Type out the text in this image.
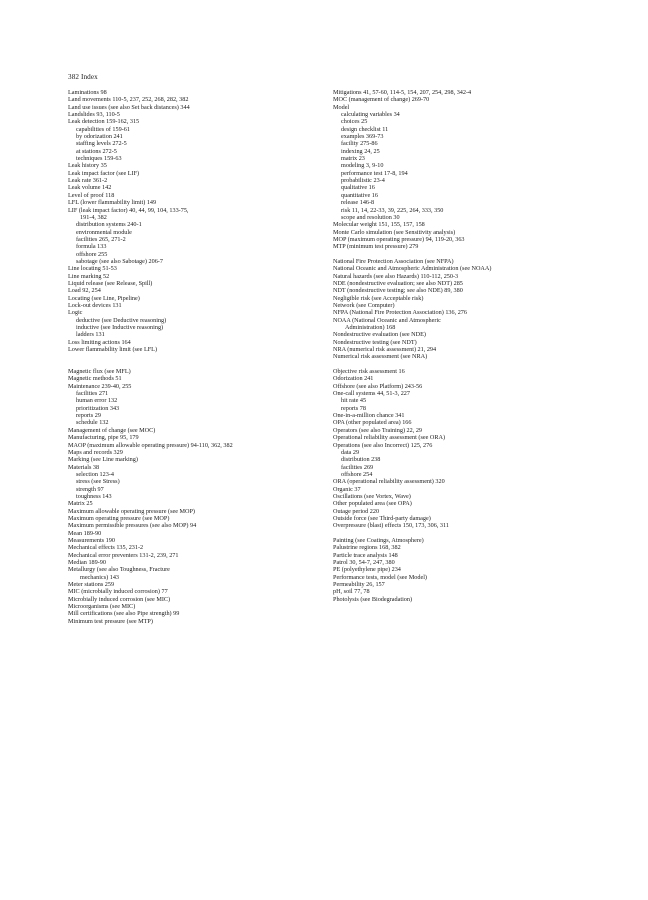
382 Index
Laminations 98
Land movements 110-5, 237, 252, 268, 282, 382
Land use issues (see also Set back distances) 344
Landslides 93, 110-5
Leak detection 159-162, 315
capabilities of 159-61
by odorization 241
staffing levels 272-5
at stations 272-5
techniques 159-63
Leak history 35
Leak impact factor (see LIF)
Leak rate 361-2
Leak volume 142
Level of proof 118
LFL (lower flammability limit) 149
LIF (leak impact factor) 40, 44, 99, 104, 133-75,
191-4, 382
distribution systems 240-1
environmental module
facilities 265, 271-2
formula 133
offshore 255
sabotage (see also Sabotage) 206-7
Line locating 51-53
Line marking 52
Liquid release (see Release, Spill)
Load 92, 254
Locating (see Line, Pipeline)
Lock-out devices 131
Logic
deductive (see Deductive reasoning)
inductive (see Inductive reasoning)
ladders 131
Loss limiting actions 164
Lower flammability limit (see LFL)
Magnetic flux (see MFL)
Magnetic methods 51
Maintenance 239-40, 255
facilities 271
human error 132
prioritization 343
reports 29
schedule 132
Management of change (see MOC)
Manufacturing, pipe 95, 179
MAOP (maximum allowable operating pressure) 94-110, 362, 382
Maps and records 329
Marking (see Line marking)
Materials 38
selection 123-4
stress (see Stress)
strength 97
toughness 143
Matrix 25
Maximum allowable operating pressure (see MOP)
Maximum operating pressure (see MOP)
Maximum permissible pressures (see also MOP) 94
Mean 189-90
Measurements 190
Mechanical effects 135, 231-2
Mechanical error preventers 131-2, 239, 271
Median 189-90
Metallurgy (see also Toughness, Fracture
mechanics) 143
Meter stations 259
MIC (microbially induced corrosion) 77
Microbially induced corrosion (see MIC)
Microorganisms (see MIC)
Mill certifications (see also Pipe strength) 99
Minimum test pressure (see MTP)
Mitigations 41, 57-60, 114-5, 154, 207, 254, 298, 342-4
MOC (management of change) 269-70
Model
calculating variables 34
choices 25
design checklist 11
examples 369-73
facility 275-86
indexing 24, 25
matrix 23
modeling 3, 9-10
performance test 17-8, 194
probabilistic 23-4
qualitative 16
quantitative 16
release 146-8
risk 11, 14, 22-33, 39, 225, 264, 333, 350
scope and resolution 30
Molecular weight 151, 155, 157, 158
Monte Carlo simulation (see Sensitivity analysis)
MOP (maximum operating pressure) 94, 119-20, 363
MTP (minimum test pressure) 279
National Fire Protection Association (see NFPA)
National Oceanic and Atmospheric Administration (see NOAA)
Natural hazards (see also Hazards) 110-112, 250-3
NDE (nondestructive evaluation; see also NDT) 285
NDT (nondestructive testing; see also NDE) 89, 380
Negligible risk (see Acceptable risk)
Network (see Computer)
NFPA (National Fire Protection Association) 136, 276
NOAA (National Oceanic and Atmospheric
Administration) 168
Nondestructive evaluation (see NDE)
Nondestructive testing (see NDT)
NRA (numerical risk assessment) 21, 294
Numerical risk assessment (see NRA)
Objective risk assessment 16
Odorization 241
Offshore (see also Platform) 243-56
One-call systems 44, 51-3, 227
hit rate 45
reports 78
One-in-a-million chance 341
OPA (other populated area) 166
Operators (see also Training) 22, 29
Operational reliability assessment (see ORA)
Operations (see also Incorrect) 125, 276
data 29
distribution 238
facilities 269
offshore 254
ORA (operational reliability assessment) 320
Organic 37
Oscillations (see Vortex, Wave)
Other populated area (see OPA)
Outage period 220
Outside force (see Third-party damage)
Overpressure (blast) effects 150, 173, 306, 311
Painting (see Coatings, Atmosphere)
Palustrine regions 168, 382
Particle trace analysis 148
Patrol 30, 54-7, 247, 380
PE (polyethylene pipe) 234
Performance tests, model (see Model)
Permeability 26, 157
pH, soil 77, 78
Photolysis (see Biodegradation)
